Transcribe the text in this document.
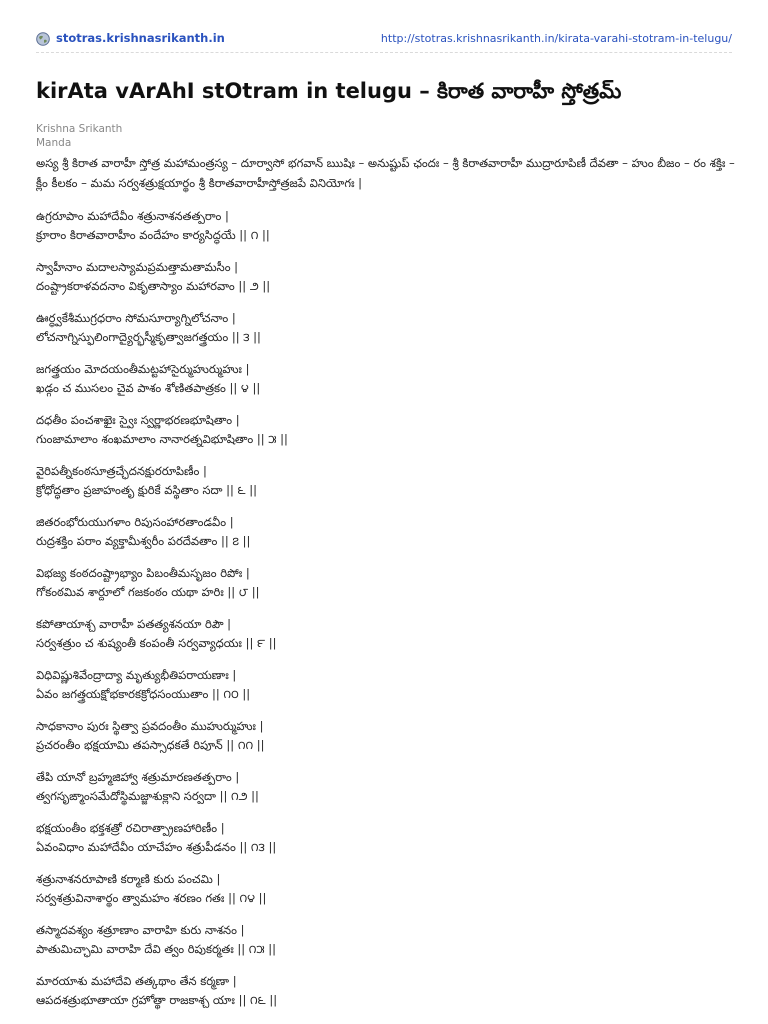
stotras.krishnasrikanth.in	http://stotras.krishnasrikanth.in/kirata-varahi-stotram-in-telugu/
kirAta vArAhI stOtram in telugu – కిరాత వారాహీ స్తోత్రమ్
Krishna Srikanth
Manda

అస్య శ్రీ కిరాత వారాహీ స్తోత్ర మహామంత్రస్య – దూర్వాసో భగవాన్ ఋషిః – అనుష్టుప్ ఛందః – శ్రీ కిరాతవారాహీ ముద్రారూపిణీ దేవతా – హుం బీజం – రం శక్తిః – క్లీం కీలకం – మమ సర్వశత్రుక్షయార్థం శ్రీ కిరాతవారాహీస్తోత్రజపే వినియోగః |

ఉగ్రరూపాం మహాదేవీం శత్రునాశనతత్పరాం |
క్రూరాం కిరాతవారాహీం వందేహం కార్యసిద్ధయే || ౧ ||
స్వాహీనాం మదాలస్యామప్రమత్తామతామసీం |
దంష్ట్రాకరాళవదనాం వికృతాస్యాం మహారవాం || ౨ ||
ఊర్ధ్వకేశీముగ్రధరాం సోమసూర్యాగ్నిలోచనాం |
లోచనాగ్నిస్ఫులింగాద్యైర్భస్మీకృత్వాజగత్త్రయం || ౩ ||
జగత్త్రయం మోదయంతీమట్టహాసైర్ముహుర్ముహుః |
ఖడ్గం చ ముసలం చైవ పాశం శోణితపాత్రకం || ౪ ||
దధతీం పంచశాఖైః స్వైః స్వర్ణాభరణభూషితాం |
గుంజామాలాం శంఖమాలాం నానారత్నవిభూషితాం || ౫ ||
వైరిపత్నీకంఠసూత్రచ్ఛేదనక్షురరూపిణీం |
క్రోధోద్ధతాం ప్రజాహంతృ క్షురికే వస్థితాం సదా || ౬ ||
జితరంభోరుయుగళాం రిపుసంహారతాండవీం |
రుద్రశక్తిం పరాం వ్యక్తామీశ్వరీం పరదేవతాం || ౭ ||
విభజ్య కంఠదంష్ట్రాభ్యాం పిబంతీమసృజం రిపోః |
గోకంఠమివ శార్దూలో గజకంఠం యథా హరిః || ౮ ||
కపోతాయాశ్చ వారాహీ పతత్యశనయా రిపౌ |
సర్వశత్రుం చ శుష్యంతీ కంపంతీ సర్వవ్యాధయః || ౯ ||
విధివిష్ణుశివేంద్రాద్యా మృత్యుభీతిపరాయణాః |
ఏవం జగత్త్రయక్షోభకారకక్రోధసంయుతాం || ౧౦ ||
సాధకానాం పురః స్థిత్వా ప్రవదంతీం ముహుర్ముహుః |
ప్రచరంతీం భక్షయామి తపస్సాధకతే రిపూన్ || ౧౧ ||
తేపి యానో బ్రహ్మజిహ్వా శత్రుమారణతత్పరాం |
త్వగసృఙ్మాంసమేదోస్థిమజ్జాశుక్లాని సర్వదా || ౧౨ ||
భక్షయంతీం భక్తశత్రో రచిరాత్ప్రాణహారిణీం |
ఏవంవిధాం మహాదేవీం యాచేహం శత్రుపీడనం || ౧౩ ||
శత్రునాశనరూపాణి కర్మాణి కురు పంచమి |
సర్వశత్రువినాశార్థం త్వామహం శరణం గతః || ౧౪ ||
తస్మాదవశ్యం శత్రూణాం వారాహి కురు నాశనం |
పాతుమిచ్ఛామి వారాహి దేవి త్వం రిపుకర్మతః || ౧౫ ||
మారయాశు మహాదేవి తత్కథాం తేన కర్మణా |
ఆపదశత్రుభూతాయా గ్రహోత్థా రాజకాశ్చ యాః || ౧౬ ||
